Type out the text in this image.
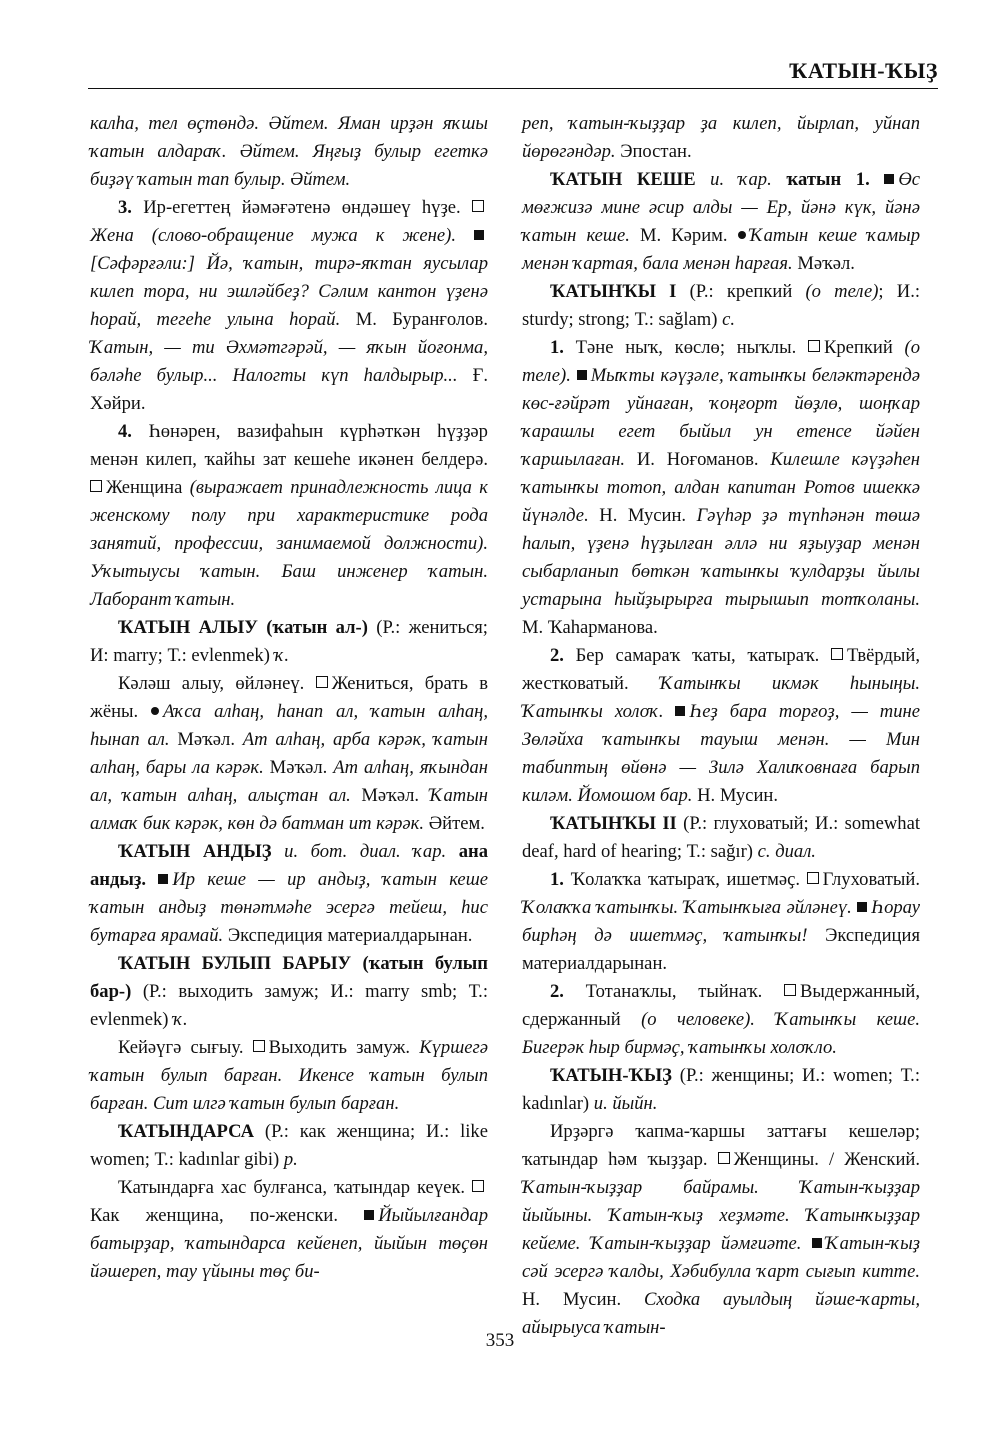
ҠАТЫН-ҠЫҘ

калһа, тел өҫтөндә. Әйтем. Яман ирҙән яҡшы ҡатын алдараҡ. Әйтем. Яңғыҙ булыр егеткә биҙәү ҡатын тап булыр. Әйтем.

3. Ир-егеттең йәмәғәтенә өндәшеү һүҙе. Жена (слово-обращение мужа к жене). [Сәфәрғәли:] Йә, ҡатын, тирә-яҡтан яусылар килеп тора, ни эшләйбеҙ? Сәлим кантон үҙенә һорай, тегеһе улына һорай. М. Буранғолов. Ҡатын, — ти Әхмәтгәрәй, — яҡын йоғонма, бәләһе булыр... Налогты күп һалдырыр... Ғ. Хәйри.

4. Һөнәрен, вазифаһын күрһәткән һүҙҙәр менән килеп, ҡайһы зат кешеһе икәнен белдерә. Женщина (выражает принадлежность лица к женскому полу при характеристике рода занятий, профессии, занимаемой должности). Уҡытыусы ҡатын. Баш инженер ҡатын. Лаборант ҡатын.

ҠАТЫН АЛЫУ (ҡатын ал-) (Р.: жениться; И: marry; Т.: evlenmek) ҡ.

Кәләш алыу, өйләнеү. Жениться, брать в жёны. Аҡса алһаң, һанап ал, ҡатын алһаң, һынап ал. Мәҡәл. Ат алһаң, арба кәрәк, ҡатын алһаң, бары ла кәрәк. Мәҡәл. Ат алһаң, яҡындан ал, ҡатын алһаң, алыҫтан ал. Мәҡәл. Ҡатын алмаҡ бик кәрәк, көн дә батман ит кәрәк. Әйтем.

ҠАТЫН АНДЫҘ и. бот. диал. ҡар. ана андыҙ. Ир кеше — ир андыҙ, ҡатын кеше ҡатын андыҙ төнәтмәһе эсергә тейеш, һис бутарға ярамай. Экспедиция материалдарынан.

ҠАТЫН БУЛЫП БАРЫУ (ҡатын булып бар-) (Р.: выходить замуж; И.: marry smb; Т.: evlenmek) ҡ.

Кейәүгә сығыу. Выходить замуж. Күршегә ҡатын булып барған. Икенсе ҡатын булып барған. Сит илгә ҡатын булып барған.

ҠАТЫНДАРСА (Р.: как женщина; И.: like women; Т.: kadınlar gibi) р.

Ҡатындарға хас булғанса, ҡатындар кеүек. Как женщина, по-женски. Йыйылғандар батырҙар, ҡатындарса кейенеп, йыйын төҫөн йәшереп, тау үйыны төҫ би-

реп, ҡатын-ҡыҙҙар ҙа килеп, йырлап, уйнап йөрөгәндәр. Эпостан.

ҠАТЫН КЕШЕ и. ҡар. ҡатын 1. Өс мөғжизә мине әсир алды — Ер, йәнә күк, йәнә ҡатын кеше. М. Кәрим. Ҡатын кеше ҡамыр менән ҡартая, бала менән һарғая. Мәҡәл.

ҠАТЫНҠЫ I (Р.: крепкий (о теле); И.: sturdy; strong; Т.: sağlam) с.

1. Тәне ныҡ, көслө; ныҡлы. Крепкий (о теле). Мыҡты кәүҙәле, ҡатынҡы беләктәрендә көс-ғәйрәт уйнаған, ҡоңғорт йөҙлө, шоңҡар ҡарашлы егет быйыл ун етенсе йәйен ҡаршылаған. И. Ноғоманов. Килешле кәүҙәһен ҡатынҡы тотоп, алдан капитан Ротов ишеккә йүнәлде. Н. Мусин. Гәүһәр ҙә түпһәнән төшә һалып, үҙенә һүҙылған әллә ни яҙыуҙар менән сыбарланып бөткән ҡатынҡы ҡулдарҙы йылы устарына һыйҙырырға тырышып тотҡоланы. М. Ҡаһарманова.

2. Бер самараҡ ҡаты, ҡатыраҡ. Твёрдый, жестковатый. Ҡатынҡы икмәк һыныңы. Ҡатынҡы холоҡ. Һеҙ бара торғоҙ, — тине Зөләйха ҡатынҡы тауыш менән. — Мин табиптың өйөнә — Зилә Халиҡовнаға барып киләм. Йомошом бар. Н. Мусин.

ҠАТЫНҠЫ II (Р.: глуховатый; И.: somewhat deaf, hard of hearing; Т.: sağır) с. диал.

1. Ҡолаҡҡа ҡатыраҡ, ишетмәҫ. Глуховатый. Ҡолаҡҡа ҡатынҡы. Ҡатынҡыға әйләнеү. Һорау бирһәң дә ишетмәҫ, ҡатынҡы! Экспедиция материалдарынан.

2. Тотанаҡлы, тыйнаҡ. Выдержанный, сдержанный (о человеке). Ҡатынҡы кеше. Бигерәк һыр бирмәҫ, ҡатынҡы холоҡло.

ҠАТЫН-ҠЫҘ (Р.: женщины; И.: women; Т.: kadınlar) и. йыйн.

Ирҙәргә ҡапма-ҡаршы заттағы кешеләр; ҡатындар һәм ҡыҙҙар. Женщины. / Женский. Ҡатын-ҡыҙҙар байрамы. Ҡатын-ҡыҙҙар йыйыны. Ҡатын-ҡыҙ хеҙмәте. Ҡатынҡыҙҙар кейеме. Ҡатын-ҡыҙҙар йәмғиәте. Ҡатын-ҡыҙ сәй эсергә ҡалды, Хәбибулла ҡарт сығып китте. Н. Мусин. Сходка ауылдың йәше-ҡарты, айырыуса ҡатын-

353
